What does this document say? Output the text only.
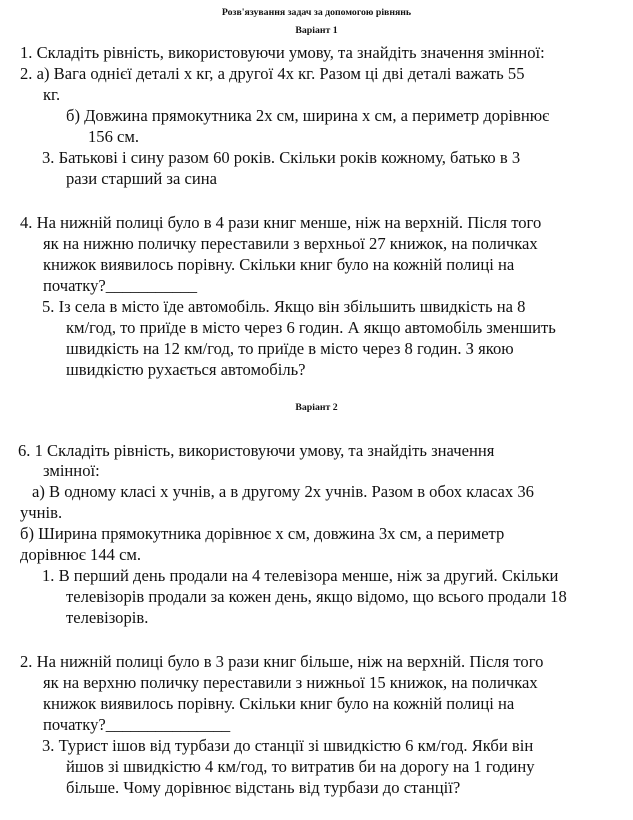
Розв'язування задач за допомогою рівнянь
Варіант 1
1. Складіть рівність, використовуючи умову, та знайдіть значення змінної:
2. а) Вага однієї деталі х кг, а другої 4х кг. Разом ці дві деталі важать 55
кг.
б) Довжина прямокутника 2х см, ширина х см, а периметр дорівнює
156 см.
3. Батькові і сину разом 60 років. Скільки років кожному, батько в 3
рази старший за сина
4. На нижній полиці було в 4 рази книг менше, ніж на верхній. Після того
як на нижню поличку переставили з верхньої 27 книжок, на поличках
книжок виявилось порівну. Скільки книг було на кожній полиці на
початку?___________
5. Із села в місто їде автомобіль. Якщо він збільшить швидкість на 8
км/год, то приїде в місто через 6 годин. А якщо автомобіль зменшить
швидкість на 12 км/год, то приїде в місто через 8 годин. З якою
швидкістю рухається автомобіль?
Варіант 2
6. 1 Складіть рівність, використовуючи умову, та знайдіть значення
змінної:
а) В одному класі х учнів, а в другому 2х учнів. Разом в обох класах 36
учнів.
б) Ширина прямокутника дорівнює х см, довжина 3х см, а периметр
дорівнює 144 см.
1. В перший день продали на 4 телевізора менше, ніж за другий. Скільки
телевізорів продали за кожен день, якщо відомо, що всього продали 18
телевізорів.
2. На нижній полиці було в 3 рази книг більше, ніж на верхній. Після того
як на верхню поличку переставили з нижньої 15 книжок, на поличках
книжок виявилось порівну. Скільки книг було на кожній полиці на
початку?_______________
3. Турист ішов від турбази до станції зі швидкістю 6 км/год. Якби він
йшов зі швидкістю 4 км/год, то витратив би на дорогу на 1 годину
більше. Чому дорівнює відстань від турбази до станції?
